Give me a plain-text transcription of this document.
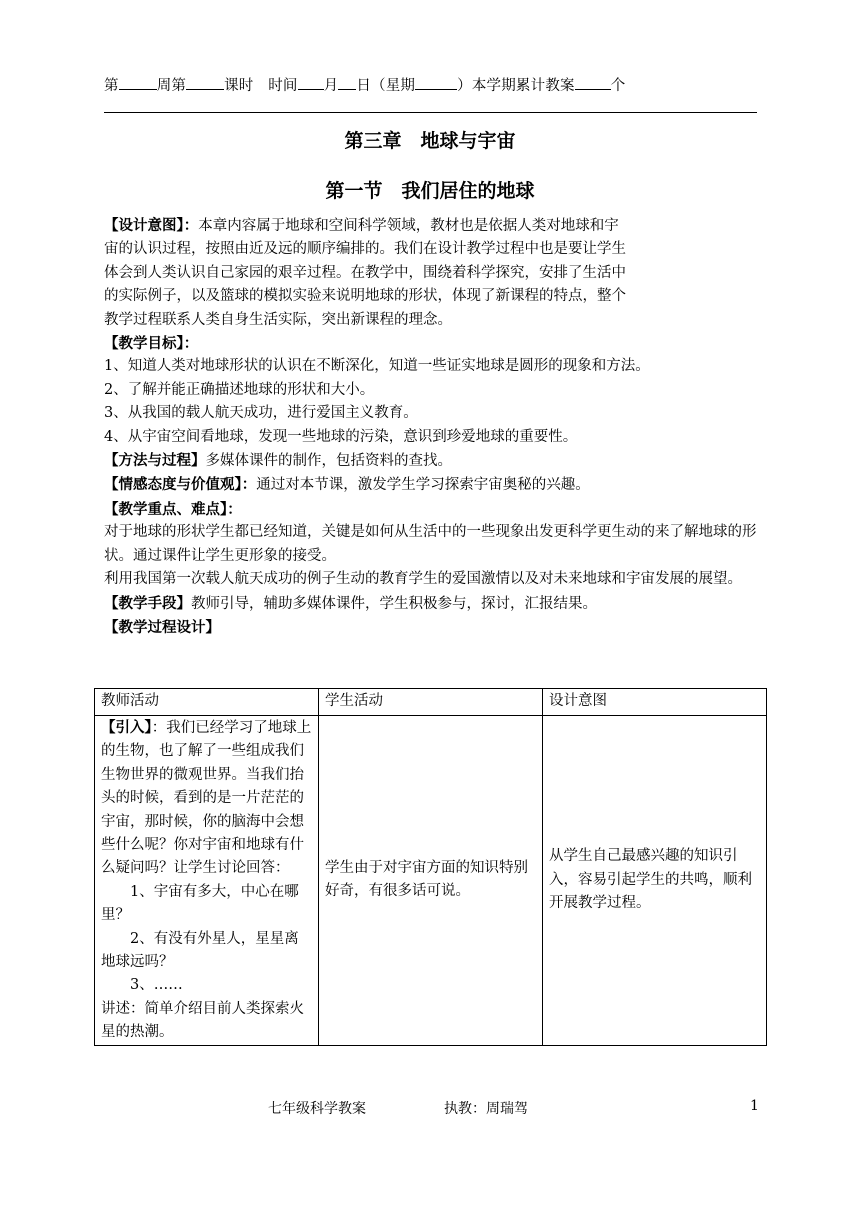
第	周第	课时　时间 月 日（星期	）本学期累计教案 个
第三章　地球与宇宙
第一节　我们居住的地球
【设计意图】：本章内容属于地球和空间科学领域，教材也是依据人类对地球和宇
宙的认识过程，按照由近及远的顺序编排的。我们在设计教学过程中也是要让学生
体会到人类认识自己家园的艰辛过程。在教学中，围绕着科学探究，安排了生活中
的实际例子，以及篮球的模拟实验来说明地球的形状，体现了新课程的特点，整个
教学过程联系人类自身生活实际，突出新课程的理念。
【教学目标】：
1、知道人类对地球形状的认识在不断深化，知道一些证实地球是圆形的现象和方法。
2、了解并能正确描述地球的形状和大小。
3、从我国的载人航天成功，进行爱国主义教育。
4、从宇宙空间看地球，发现一些地球的污染，意识到珍爱地球的重要性。
【方法与过程】多媒体课件的制作，包括资料的查找。
【情感态度与价值观】：通过对本节课，激发学生学习探索宇宙奥秘的兴趣。
【教学重点、难点】：
对于地球的形状学生都已经知道，关键是如何从生活中的一些现象出发更科学更生动的来了解地球的形状。通过课件让学生更形象的接受。
利用我国第一次载人航天成功的例子生动的教育学生的爱国激情以及对未来地球和宇宙发展的展望。
【教学手段】教师引导，辅助多媒体课件，学生积极参与，探讨，汇报结果。
【教学过程设计】
教师活动	学生活动	设计意图
【引入】：我们已经学习了地球上的生物，也了解了一些组成我们生物世界的微观世界。当我们抬头的时候，看到的是一片茫茫的宇宙，那时候，你的脑海中会想些什么呢？你对宇宙和地球有什么疑问吗？让学生讨论回答：
1、宇宙有多大，中心在哪里？
2、有没有外星人，星星离地球远吗？
3、……
讲述：简单介绍目前人类探索火星的热潮。	学生由于对宇宙方面的知识特别好奇，有很多话可说。	从学生自己最感兴趣的知识引入，容易引起学生的共鸣，顺利开展教学过程。
七年级科学教案	执教：周瑞驾	1
